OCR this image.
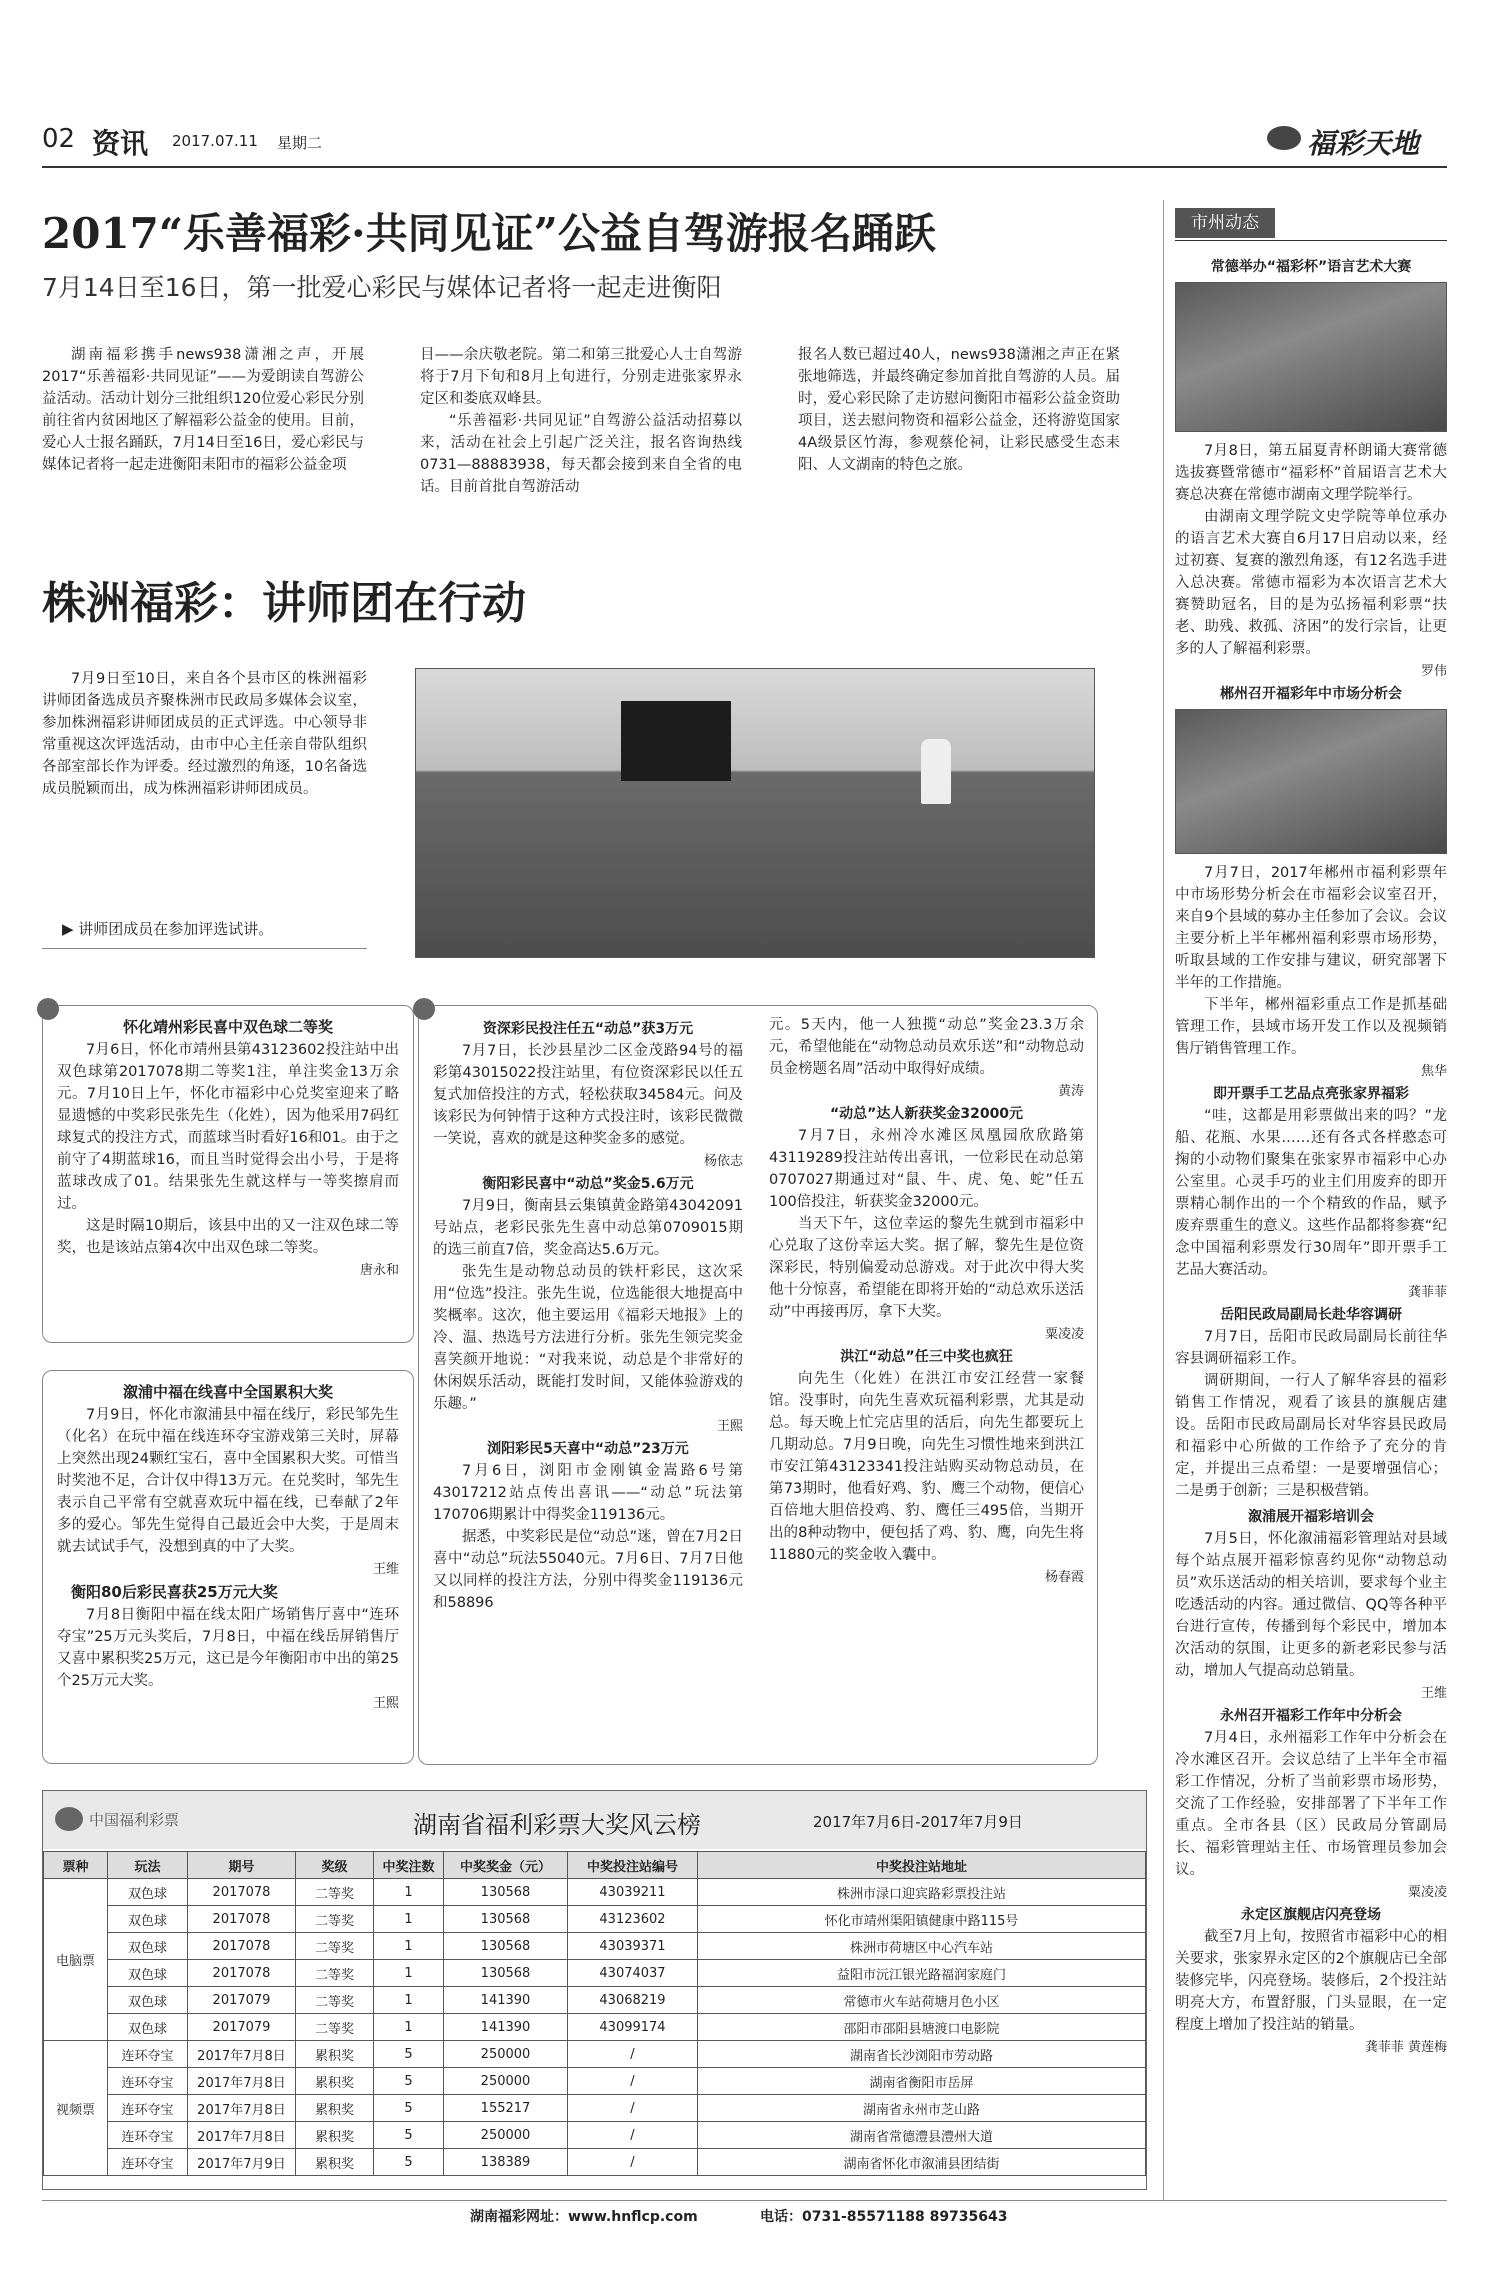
02 资讯 2017.07.11 星期二	福彩天地
2017“乐善福彩·共同见证”公益自驾游报名踊跃
7月14日至16日，第一批爱心彩民与媒体记者将一起走进衡阳

湖南福彩携手news938潇湘之声，开展2017“乐善福彩·共同见证”——为爱朗读自驾游公益活动。活动计划分三批组织120位爱心彩民分别前往省内贫困地区了解福彩公益金的使用。目前，爱心人士报名踊跃，7月14日至16日，爱心彩民与媒体记者将一起走进衡阳耒阳市的福彩公益金项

目——余庆敬老院。第二和第三批爱心人士自驾游将于7月下旬和8月上旬进行，分别走进张家界永定区和娄底双峰县。

“乐善福彩·共同见证”自驾游公益活动招募以来，活动在社会上引起广泛关注，报名咨询热线0731—88883938，每天都会接到来自全省的电话。目前首批自驾游活动

报名人数已超过40人，news938潇湘之声正在紧张地筛选，并最终确定参加首批自驾游的人员。届时，爱心彩民除了走访慰问衡阳市福彩公益金资助项目，送去慰问物资和福彩公益金，还将游览国家4A级景区竹海，参观蔡伦祠，让彩民感受生态耒阳、人文湖南的特色之旅。

株洲福彩：讲师团在行动

7月9日至10日，来自各个县市区的株洲福彩讲师团备选成员齐聚株洲市民政局多媒体会议室，参加株洲福彩讲师团成员的正式评选。中心领导非常重视这次评选活动，由市中心主任亲自带队组织各部室部长作为评委。经过激烈的角逐，10名备选成员脱颖而出，成为株洲福彩讲师团成员。

▶ 讲师团成员在参加评选试讲。
怀化靖州彩民喜中双色球二等奖

7月6日，怀化市靖州县第43123602投注站中出双色球第2017078期二等奖1注，单注奖金13万余元。7月10日上午，怀化市福彩中心兑奖室迎来了略显遗憾的中奖彩民张先生（化姓），因为他采用7码红球复式的投注方式，而蓝球当时看好16和01。由于之前守了4期蓝球16，而且当时觉得会出小号，于是将蓝球改成了01。结果张先生就这样与一等奖擦肩而过。

这是时隔10期后，该县中出的又一注双色球二等奖，也是该站点第4次中出双色球二等奖。

唐永和
溆浦中福在线喜中全国累积大奖

7月9日，怀化市溆浦县中福在线厅，彩民邹先生（化名）在玩中福在线连环夺宝游戏第三关时，屏幕上突然出现24颗红宝石，喜中全国累积大奖。可惜当时奖池不足，合计仅中得13万元。在兑奖时，邹先生表示自己平常有空就喜欢玩中福在线，已奉献了2年多的爱心。邹先生觉得自己最近会中大奖，于是周末就去试试手气，没想到真的中了大奖。

王维
衡阳80后彩民喜获25万元大奖

7月8日衡阳中福在线太阳广场销售厅喜中“连环夺宝”25万元头奖后，7月8日，中福在线岳屏销售厅又喜中累积奖25万元，这已是今年衡阳市中出的第25个25万元大奖。

王熙
资深彩民投注任五“动总”获3万元

7月7日，长沙县星沙二区金茂路94号的福彩第43015022投注站里，有位资深彩民以任五复式加倍投注的方式，轻松获取34584元。问及该彩民为何钟情于这种方式投注时，该彩民微微一笑说，喜欢的就是这种奖金多的感觉。

杨依志
衡阳彩民喜中“动总”奖金5.6万元

7月9日，衡南县云集镇黄金路第43042091号站点，老彩民张先生喜中动总第0709015期的选三前直7倍，奖金高达5.6万元。

张先生是动物总动员的铁杆彩民，这次采用“位选”投注。张先生说，位选能很大地提高中奖概率。这次，他主要运用《福彩天地报》上的冷、温、热选号方法进行分析。张先生领完奖金喜笑颜开地说：“对我来说，动总是个非常好的休闲娱乐活动，既能打发时间，又能体验游戏的乐趣。”

王熙
浏阳彩民5天喜中“动总”23万元

7月6日，浏阳市金刚镇金嵩路6号第43017212站点传出喜讯——“动总”玩法第170706期累计中得奖金119136元。

据悉，中奖彩民是位“动总”迷，曾在7月2日喜中“动总”玩法55040元。7月6日、7月7日他又以同样的投注方法，分别中得奖金119136元和58896

元。5天内，他一人独揽“动总”奖金23.3万余元，希望他能在“动物总动员欢乐送”和“动物总动员金榜题名周”活动中取得好成绩。

黄涛
“动总”达人新获奖金32000元

7月7日，永州冷水滩区凤凰园欣欣路第43119289投注站传出喜讯，一位彩民在动总第0707027期通过对“鼠、牛、虎、兔、蛇”任五100倍投注，斩获奖金32000元。

当天下午，这位幸运的黎先生就到市福彩中心兑取了这份幸运大奖。据了解，黎先生是位资深彩民，特别偏爱动总游戏。对于此次中得大奖他十分惊喜，希望能在即将开始的“动总欢乐送活动”中再接再厉，拿下大奖。

粟凌凌
洪江“动总”任三中奖也疯狂

向先生（化姓）在洪江市安江经营一家餐馆。没事时，向先生喜欢玩福利彩票，尤其是动总。每天晚上忙完店里的活后，向先生都要玩上几期动总。7月9日晚，向先生习惯性地来到洪江市安江第43123341投注站购买动物总动员，在第73期时，他看好鸡、豹、鹰三个动物，便信心百倍地大胆倍投鸡、豹、鹰任三495倍，当期开出的8种动物中，便包括了鸡、豹、鹰，向先生将11880元的奖金收入囊中。

杨春霞
市州动态
常德举办“福彩杯”语言艺术大赛

7月8日，第五届夏青杯朗诵大赛常德选拔赛暨常德市“福彩杯”首届语言艺术大赛总决赛在常德市湖南文理学院举行。

由湖南文理学院文史学院等单位承办的语言艺术大赛自6月17日启动以来，经过初赛、复赛的激烈角逐，有12名选手进入总决赛。常德市福彩为本次语言艺术大赛赞助冠名，目的是为弘扬福利彩票“扶老、助残、救孤、济困”的发行宗旨，让更多的人了解福利彩票。

罗伟
郴州召开福彩年中市场分析会

7月7日，2017年郴州市福利彩票年中市场形势分析会在市福彩会议室召开，来自9个县域的募办主任参加了会议。会议主要分析上半年郴州福利彩票市场形势，听取县域的工作安排与建议，研究部署下半年的工作措施。

下半年，郴州福彩重点工作是抓基础管理工作，县域市场开发工作以及视频销售厅销售管理工作。

焦华
即开票手工艺品点亮张家界福彩

“哇，这都是用彩票做出来的吗？”龙船、花瓶、水果……还有各式各样憨态可掬的小动物们聚集在张家界市福彩中心办公室里。心灵手巧的业主们用废弃的即开票精心制作出的一个个精致的作品，赋予废弃票重生的意义。这些作品都将参赛“纪念中国福利彩票发行30周年”即开票手工艺品大赛活动。

龚菲菲
岳阳民政局副局长赴华容调研

7月7日，岳阳市民政局副局长前往华容县调研福彩工作。

调研期间，一行人了解华容县的福彩销售工作情况，观看了该县的旗舰店建设。岳阳市民政局副局长对华容县民政局和福彩中心所做的工作给予了充分的肯定，并提出三点希望：一是要增强信心；二是勇于创新；三是积极营销。

溆浦展开福彩培训会

7月5日，怀化溆浦福彩管理站对县域每个站点展开福彩惊喜约见你“动物总动员”欢乐送活动的相关培训，要求每个业主吃透活动的内容。通过微信、QQ等各种平台进行宣传，传播到每个彩民中，增加本次活动的氛围，让更多的新老彩民参与活动，增加人气提高动总销量。

王维
永州召开福彩工作年中分析会

7月4日，永州福彩工作年中分析会在冷水滩区召开。会议总结了上半年全市福彩工作情况，分析了当前彩票市场形势，交流了工作经验，安排部署了下半年工作重点。全市各县（区）民政局分管副局长、福彩管理站主任、市场管理员参加会议。

粟凌凌
永定区旗舰店闪亮登场

截至7月上旬，按照省市福彩中心的相关要求，张家界永定区的2个旗舰店已全部装修完毕，闪亮登场。装修后，2个投注站明亮大方，布置舒服，门头显眼，在一定程度上增加了投注站的销量。

龚菲菲 黄莲梅
中国福利彩票	湖南省福利彩票大奖风云榜	2017年7月6日-2017年7月9日
票种	玩法	期号	奖级	中奖注数	中奖奖金（元）	中奖投注站编号	中奖投注站地址
电脑票	双色球	2017078	二等奖	1	130568	43039211	株洲市渌口迎宾路彩票投注站
	双色球	2017078	二等奖	1	130568	43123602	怀化市靖州渠阳镇健康中路115号
	双色球	2017078	二等奖	1	130568	43039371	株洲市荷塘区中心汽车站
	双色球	2017078	二等奖	1	130568	43074037	益阳市沅江银光路福润家庭门
	双色球	2017079	二等奖	1	141390	43068219	常德市火车站荷塘月色小区
	双色球	2017079	二等奖	1	141390	43099174	邵阳市邵阳县塘渡口电影院
视频票	连环夺宝	2017年7月8日	累积奖	5	250000	/	湖南省长沙浏阳市劳动路
	连环夺宝	2017年7月8日	累积奖	5	250000	/	湖南省衡阳市岳屏
	连环夺宝	2017年7月8日	累积奖	5	155217	/	湖南省永州市芝山路
	连环夺宝	2017年7月8日	累积奖	5	250000	/	湖南省常德澧县澧州大道
	连环夺宝	2017年7月9日	累积奖	5	138389	/	湖南省怀化市溆浦县团结街
湖南福彩网址：www.hnflcp.com	电话：0731-85571188 89735643
